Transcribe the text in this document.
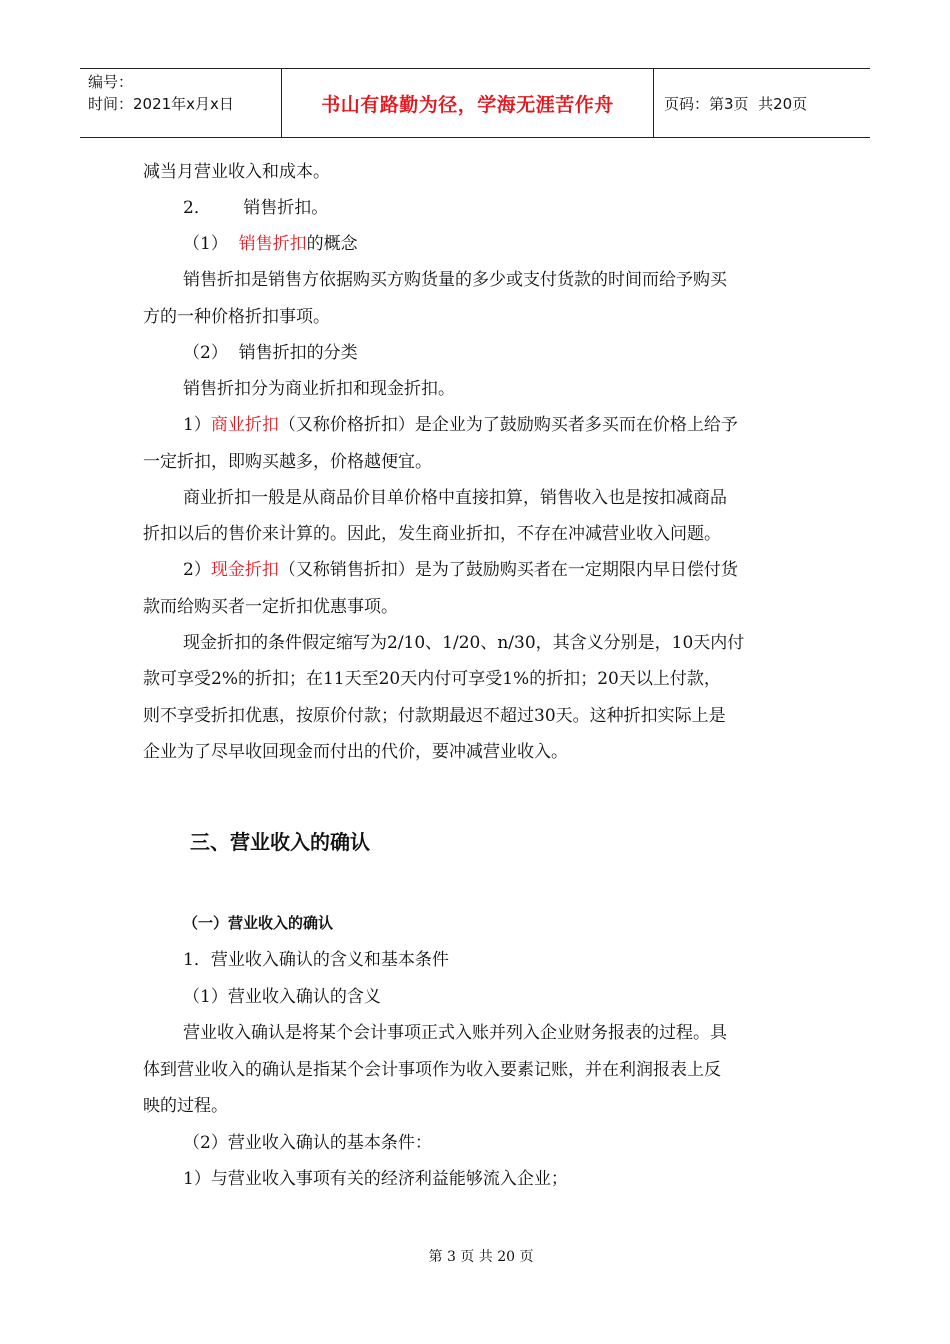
编号：
时间：2021年x月x日	书山有路勤为径，学海无涯苦作舟	页码：第3页  共20页
减当月营业收入和成本。
2．      销售折扣。
（1）  销售折扣的概念
销售折扣是销售方依据购买方购货量的多少或支付货款的时间而给予购买
方的一种价格折扣事项。
（2）  销售折扣的分类
销售折扣分为商业折扣和现金折扣。
1）商业折扣（又称价格折扣）是企业为了鼓励购买者多买而在价格上给予
一定折扣，即购买越多，价格越便宜。
商业折扣一般是从商品价目单价格中直接扣算，销售收入也是按扣减商品
折扣以后的售价来计算的。因此，发生商业折扣，不存在冲减营业收入问题。
2）现金折扣（又称销售折扣）是为了鼓励购买者在一定期限内早日偿付货
款而给购买者一定折扣优惠事项。
现金折扣的条件假定缩写为2/10、1/20、n/30，其含义分别是，10天内付
款可享受2%的折扣；在11天至20天内付可享受1%的折扣；20天以上付款，
则不享受折扣优惠，按原价付款；付款期最迟不超过30天。这种折扣实际上是
企业为了尽早收回现金而付出的代价，要冲减营业收入。
1．营业收入确认的含义和基本条件
（1）营业收入确认的含义
营业收入确认是将某个会计事项正式入账并列入企业财务报表的过程。具
体到营业收入的确认是指某个会计事项作为收入要素记账，并在利润报表上反
映的过程。
（2）营业收入确认的基本条件：
1）与营业收入事项有关的经济利益能够流入企业；
三、营业收入的确认
（一）营业收入的确认
第 3 页 共 20 页
